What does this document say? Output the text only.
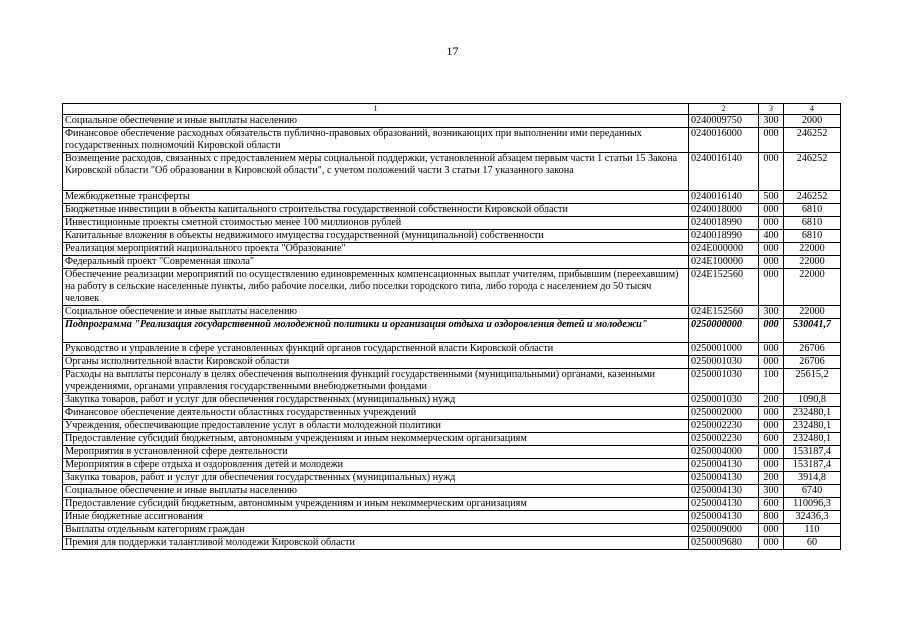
17
1	2	3	4
Социальное обеспечение и иные выплаты населению	0240009750	300	2000
Финансовое обеспечение расходных обязательств публично-правовых образований, возникающих при выполнении ими переданных государственных полномочий Кировской области	0240016000	000	246252
Возмещение расходов, связанных с предоставлением меры социальной поддержки, установленной абзацем первым части 1 статьи 15 Закона Кировской области "Об образовании в Кировской области", с учетом положений части 3 статьи 17 указанного закона	0240016140	000	246252
Межбюджетные трансферты	0240016140	500	246252
Бюджетные инвестиции в объекты капитального строительства государственной собственности Кировской области	0240018000	000	6810
Инвестиционные проекты сметной стоимостью менее 100 миллионов рублей	0240018990	000	6810
Капитальные вложения в объекты недвижимого имущества государственной (муниципальной) собственности	0240018990	400	6810
Реализация мероприятий национального проекта "Образование"	024E000000	000	22000
Федеральный проект "Современная школа"	024E100000	000	22000
Обеспечение реализации мероприятий по осуществлению единовременных компенсационных выплат учителям, прибывшим (переехавшим) на работу в сельские населенные пункты, либо рабочие поселки, либо поселки городского типа, либо города с населением до 50 тысяч человек	024E152560	000	22000
Социальное обеспечение и иные выплаты населению	024E152560	300	22000
Подпрограмма "Реализация государственной молодежной политики и организация отдыха и оздоровления детей и молодежи"	0250000000	000	530041,7
Руководство и управление в сфере установленных функций органов государственной власти Кировской области	0250001000	000	26706
Органы исполнительной власти Кировской области	0250001030	000	26706
Расходы на выплаты персоналу в целях обеспечения выполнения функций государственными (муниципальными) органами, казенными учреждениями, органами управления государственными внебюджетными фондами	0250001030	100	25615,2
Закупка товаров, работ и услуг для обеспечения государственных (муниципальных) нужд	0250001030	200	1090,8
Финансовое обеспечение деятельности областных государственных учреждений	0250002000	000	232480,1
Учреждения, обеспечивающие предоставление услуг в области молодежной политики	0250002230	000	232480,1
Предоставление субсидий бюджетным, автономным учреждениям и иным некоммерческим организациям	0250002230	600	232480,1
Мероприятия в установленной сфере деятельности	0250004000	000	153187,4
Мероприятия в сфере отдыха и оздоровления детей и молодежи	0250004130	000	153187,4
Закупка товаров, работ и услуг для обеспечения государственных (муниципальных) нужд	0250004130	200	3914,8
Социальное обеспечение и иные выплаты населению	0250004130	300	6740
Предоставление субсидий бюджетным, автономным учреждениям и иным некоммерческим организациям	0250004130	600	110096,3
Иные бюджетные ассигнования	0250004130	800	32436,3
Выплаты отдельным категориям граждан	0250009000	000	110
Премия для поддержки талантливой молодежи Кировской области	0250009680	000	60
